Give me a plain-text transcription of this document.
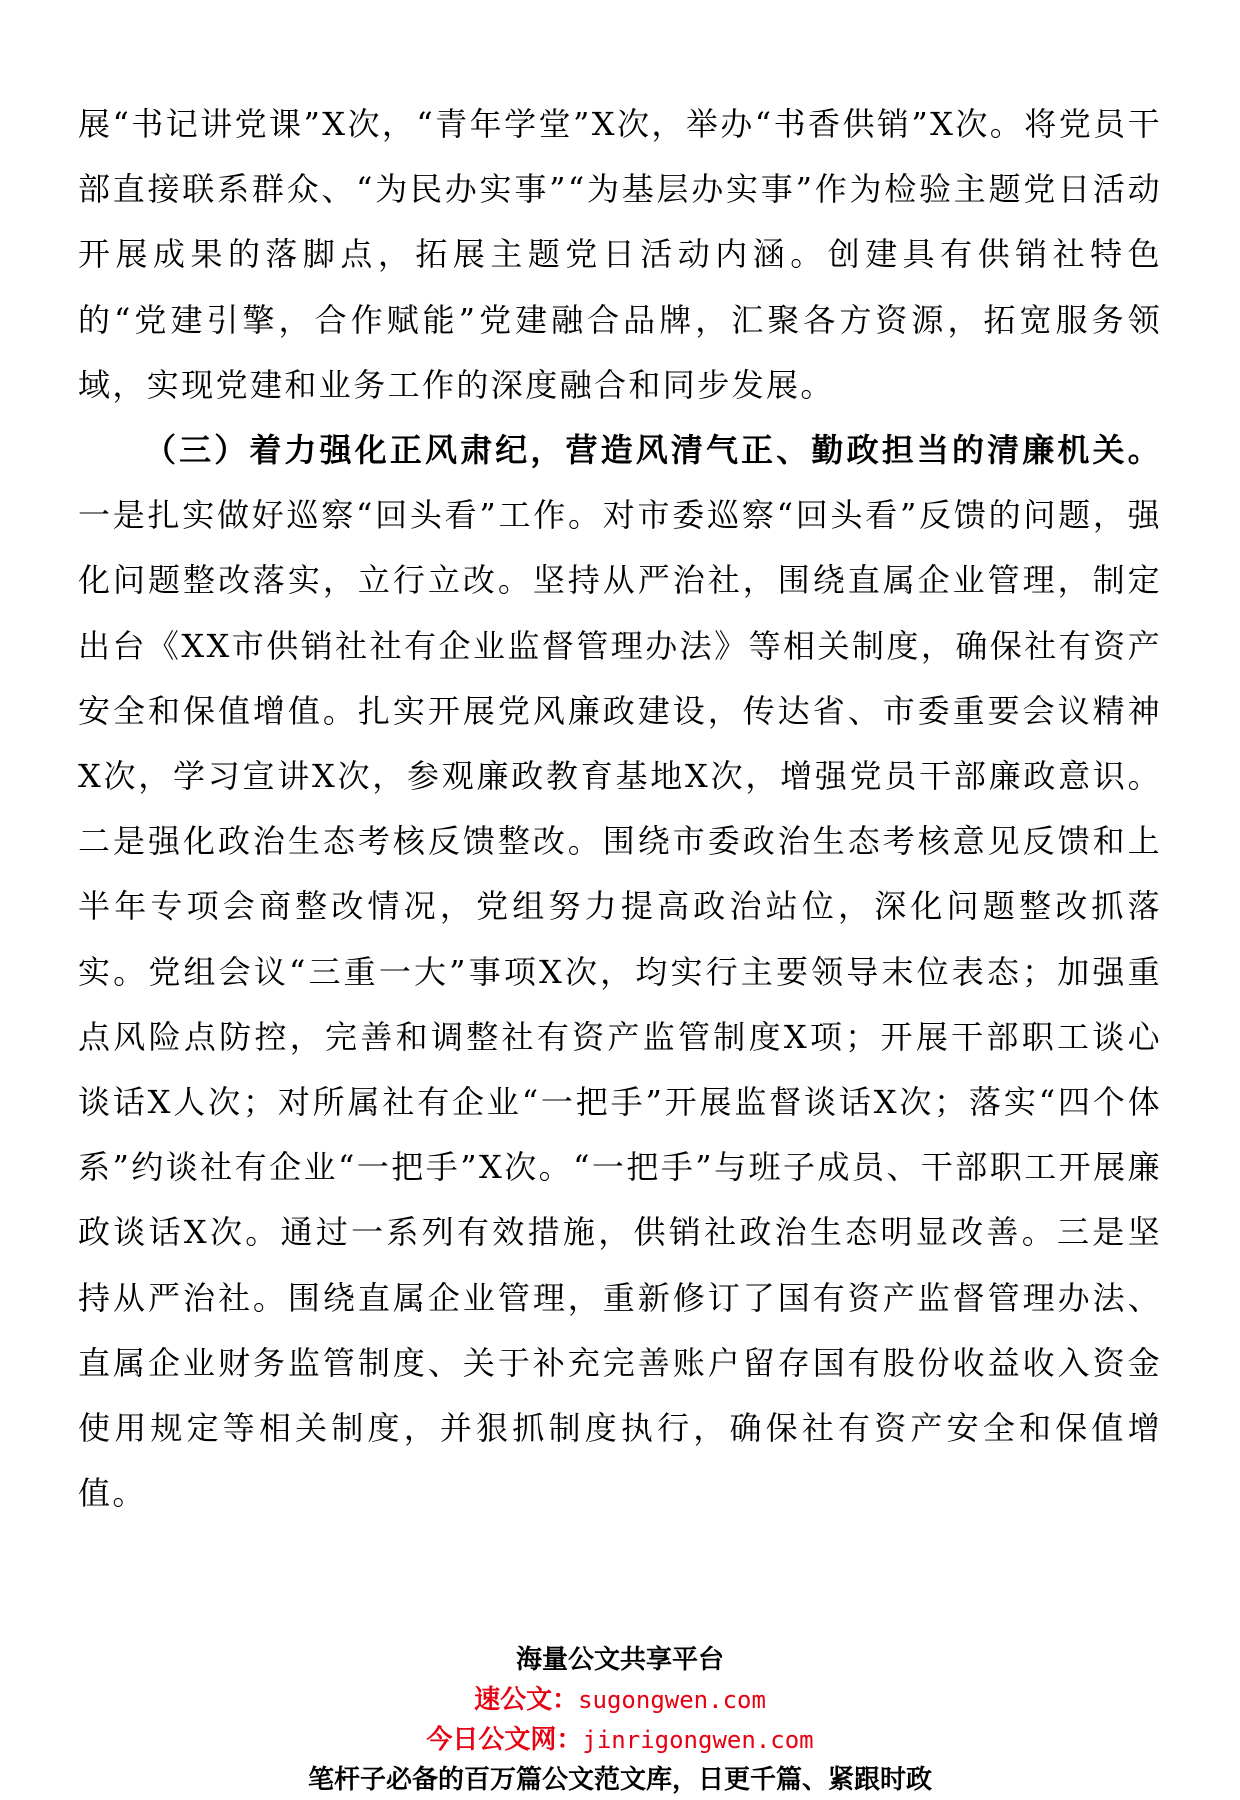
展“书记讲党课”X次，“青年学堂”X次，举办“书香供销”X次。将党员干部直接联系群众、“为民办实事”“为基层办实事”作为检验主题党日活动开展成果的落脚点，拓展主题党日活动内涵。创建具有供销社特色的“党建引擎，合作赋能”党建融合品牌，汇聚各方资源，拓宽服务领域，实现党建和业务工作的深度融合和同步发展。

（三）着力强化正风肃纪，营造风清气正、勤政担当的清廉机关。一是扎实做好巡察“回头看”工作。对市委巡察“回头看”反馈的问题，强化问题整改落实，立行立改。坚持从严治社，围绕直属企业管理，制定出台《XX市供销社社有企业监督管理办法》等相关制度，确保社有资产安全和保值增值。扎实开展党风廉政建设，传达省、市委重要会议精神X次，学习宣讲X次，参观廉政教育基地X次，增强党员干部廉政意识。二是强化政治生态考核反馈整改。围绕市委政治生态考核意见反馈和上半年专项会商整改情况，党组努力提高政治站位，深化问题整改抓落实。党组会议“三重一大”事项X次，均实行主要领导末位表态；加强重点风险点防控，完善和调整社有资产监管制度X项；开展干部职工谈心谈话X人次；对所属社有企业“一把手”开展监督谈话X次；落实“四个体系”约谈社有企业“一把手”X次。“一把手”与班子成员、干部职工开展廉政谈话X次。通过一系列有效措施，供销社政治生态明显改善。三是坚持从严治社。围绕直属企业管理，重新修订了国有资产监督管理办法、直属企业财务监管制度、关于补充完善账户留存国有股份收益收入资金使用规定等相关制度，并狠抓制度执行，确保社有资产安全和保值增值。

海量公文共享平台
速公文：sugongwen.com
今日公文网：jinrigongwen.com
笔杆子必备的百万篇公文范文库，日更千篇、紧跟时政
